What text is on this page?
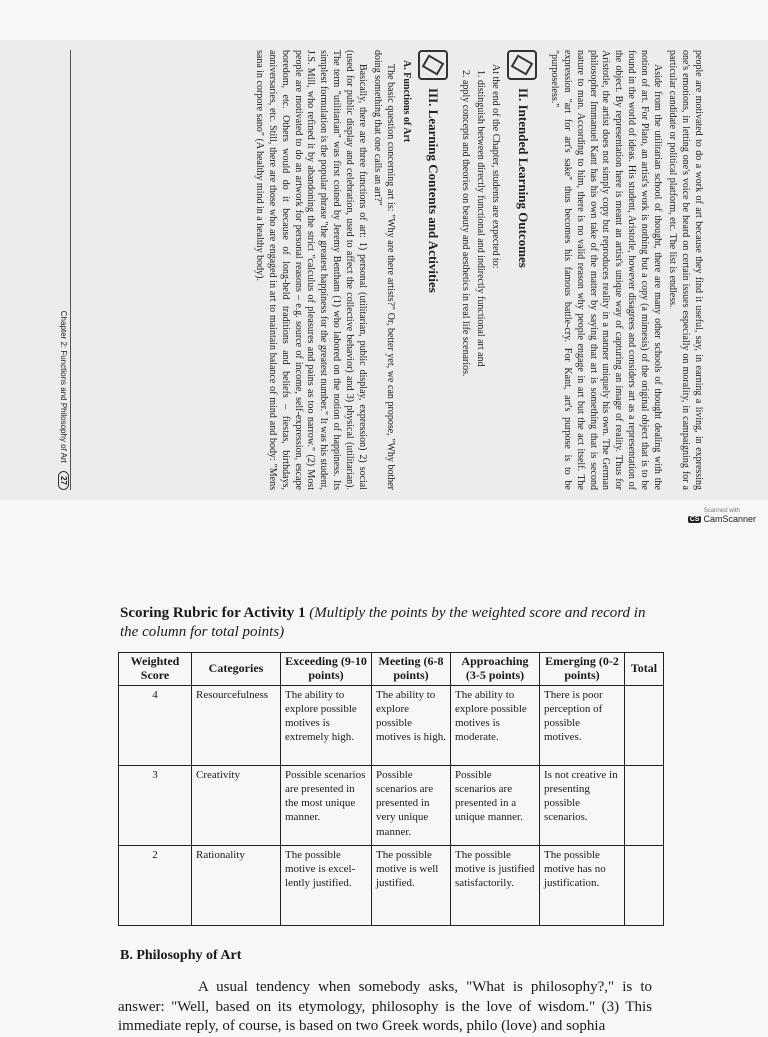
people are motivated to do a work of art because they find it useful, say, in earning a living, in expressing one's emotions, in letting one's voice be heard on certain issues especially on morality, in campaigning for a particular candidate or political platform, etc. The list is endless.

Aside from the utilitarian school of thought, there are many other schools of thought dealing with the notion of art. For Plato, an artist's work is nothing but a copy (a mimesis) of the original object that is to be found in the world of ideas. His student, Aristotle, however disagrees and considers art as a representation of the object. By representation here is meant an artist's unique way of capturing an image of reality. Thus for Aristotle, the artist does not simply copy but reproduces reality in a manner uniquely his own. The German philosopher Immanuel Kant has his own take of the matter by saying that art is something that is second nature to man. According to him, there is no valid reason why people engage in art but the act itself. The expression "art for art's sake" thus becomes his famous battle-cry. For Kant, art's purpose is to be "purposeless."

II. Intended Learning Outcomes

At the end of the Chapter, students are expected to:

1. distinguish between directly functional and indirectly functional art and
2. apply concepts and theories on beauty and aesthetics in real life scenarios.
III. Learning Contents and Activities
A. Functions of Art

The basic question concerning art is: "Why are there artists?" Or, better yet, we can propose, "Why bother doing something that one calls an art?"

Basically, there are three functions of art: 1) personal (utilitarian, public display, expression) 2) social (used for public display and celebration, used to affect the collective behavior) and 3) physical (utilitarian). The term "utilitarian" was first coined by Jeremy Bentham (1) who labored on the notion of happiness. Its simplest formulation is the popular phrase "the greatest happiness for the greatest number." It was his student, J.S. Mill, who refined it by abandoning the strict "calculus of pleasures and pains as too narrow." (2) Most people are motivated to do an artwork for personal reasons – e.g. source of income, self-expression, escape boredom, etc. Others would do it because of long-held traditions and beliefs – fiestas, birthdays, anniversaries, etc. Still, there are those who are engaged in art to maintain balance of mind and body: "Mens sana in corpore sano" (A healthy mind in a healthy body).

Chapter 2: Functions and Philosophy of Art 27
Scanned with
CS CamScanner
Scoring Rubric for Activity 1 (Multiply the points by the weighted score and record in the column for total points)
Weighted Score	Categories	Exceeding (9-10 points)	Meeting (6-8 points)	Approaching (3-5 points)	Emerging (0-2 points)	Total
4	Resourcefulness	The ability to explore possible motives is extremely high.	The ability to explore possible motives is high.	The ability to explore possible motives is moderate.	There is poor perception of possible motives.	
3	Creativity	Possible scenarios are presented in the most unique manner.	Possible scenarios are presented in very unique manner.	Possible scenarios are presented in a unique manner.	Is not creative in presenting possible scenarios.	
2	Rationality	The possible motive is excel-lently justified.	The possible motive is well justified.	The possible motive is justified satisfactorily.	The possible motive has no justification.	
B. Philosophy of Art
A usual tendency when somebody asks, "What is philosophy?," is to answer: "Well, based on its etymology, philosophy is the love of wisdom." (3) This immediate reply, of course, is based on two Greek words, philo (love) and sophia
